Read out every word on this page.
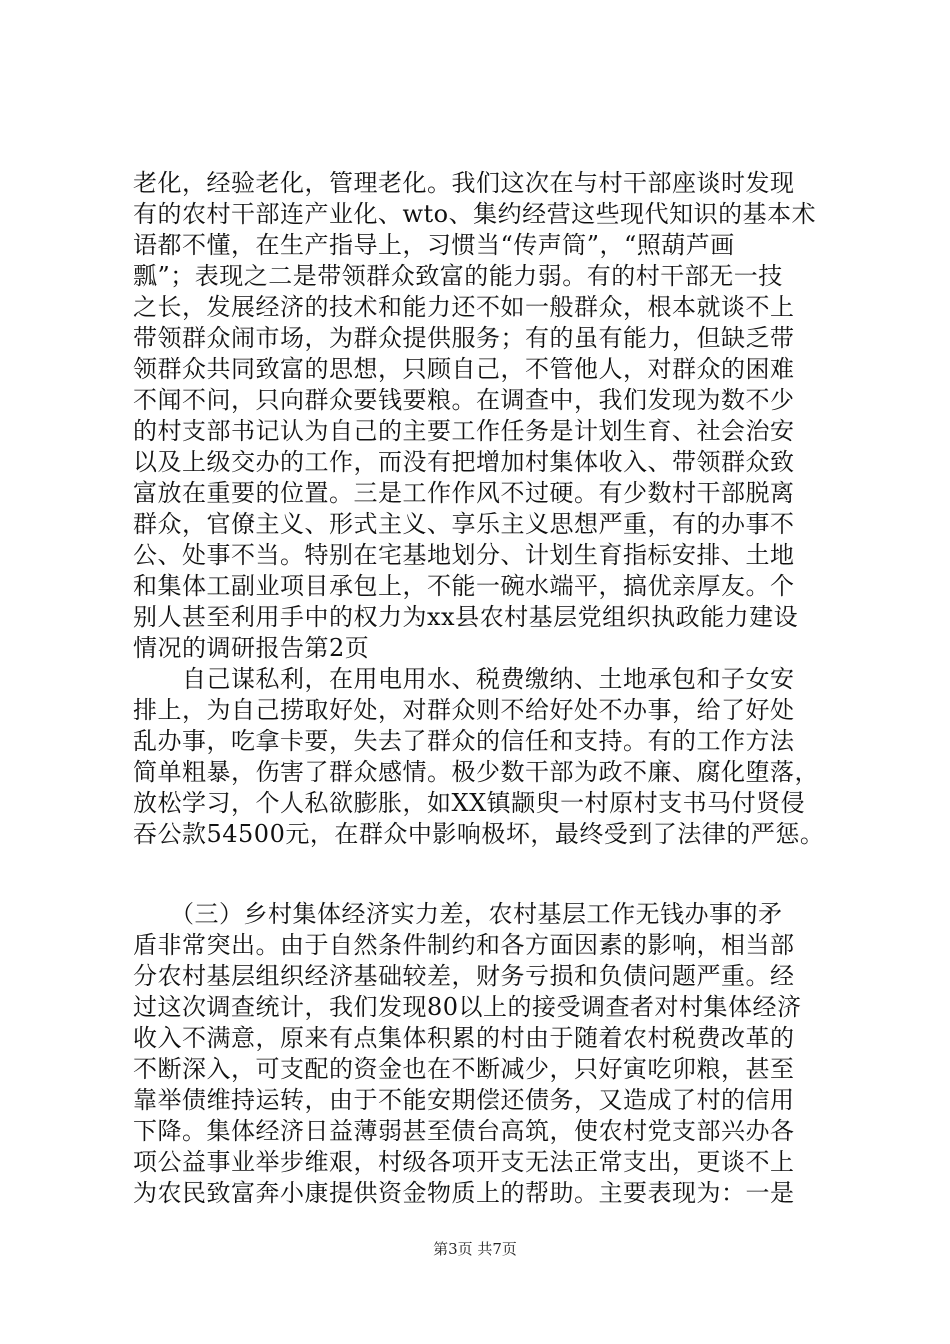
老化，经验老化，管理老化。我们这次在与村干部座谈时发现
有的农村干部连产业化、wto、集约经营这些现代知识的基本术
语都不懂，在生产指导上，习惯当“传声筒”，“照葫芦画
瓢”；表现之二是带领群众致富的能力弱。有的村干部无一技
之长，发展经济的技术和能力还不如一般群众，根本就谈不上
带领群众闹市场，为群众提供服务；有的虽有能力，但缺乏带
领群众共同致富的思想，只顾自己，不管他人，对群众的困难
不闻不问，只向群众要钱要粮。在调查中，我们发现为数不少
的村支部书记认为自己的主要工作任务是计划生育、社会治安
以及上级交办的工作，而没有把增加村集体收入、带领群众致
富放在重要的位置。三是工作作风不过硬。有少数村干部脱离
群众，官僚主义、形式主义、享乐主义思想严重，有的办事不
公、处事不当。特别在宅基地划分、计划生育指标安排、土地
和集体工副业项目承包上，不能一碗水端平，搞优亲厚友。个
别人甚至利用手中的权力为xx县农村基层党组织执政能力建设
情况的调研报告第2页
　　自己谋私利，在用电用水、税费缴纳、土地承包和子女安
排上，为自己捞取好处，对群众则不给好处不办事，给了好处
乱办事，吃拿卡要，失去了群众的信任和支持。有的工作方法
简单粗暴，伤害了群众感情。极少数干部为政不廉、腐化堕落，
放松学习，个人私欲膨胀，如XX镇颛臾一村原村支书马付贤侵
吞公款54500元，在群众中影响极坏，最终受到了法律的严惩。
　　（三）乡村集体经济实力差，农村基层工作无钱办事的矛
盾非常突出。由于自然条件制约和各方面因素的影响，相当部
分农村基层组织经济基础较差，财务亏损和负债问题严重。经
过这次调查统计，我们发现80以上的接受调查者对村集体经济
收入不满意，原来有点集体积累的村由于随着农村税费改革的
不断深入，可支配的资金也在不断减少，只好寅吃卯粮，甚至
靠举债维持运转，由于不能安期偿还债务，又造成了村的信用
下降。集体经济日益薄弱甚至债台高筑，使农村党支部兴办各
项公益事业举步维艰，村级各项开支无法正常支出，更谈不上
为农民致富奔小康提供资金物质上的帮助。主要表现为：一是
第3页 共7页
